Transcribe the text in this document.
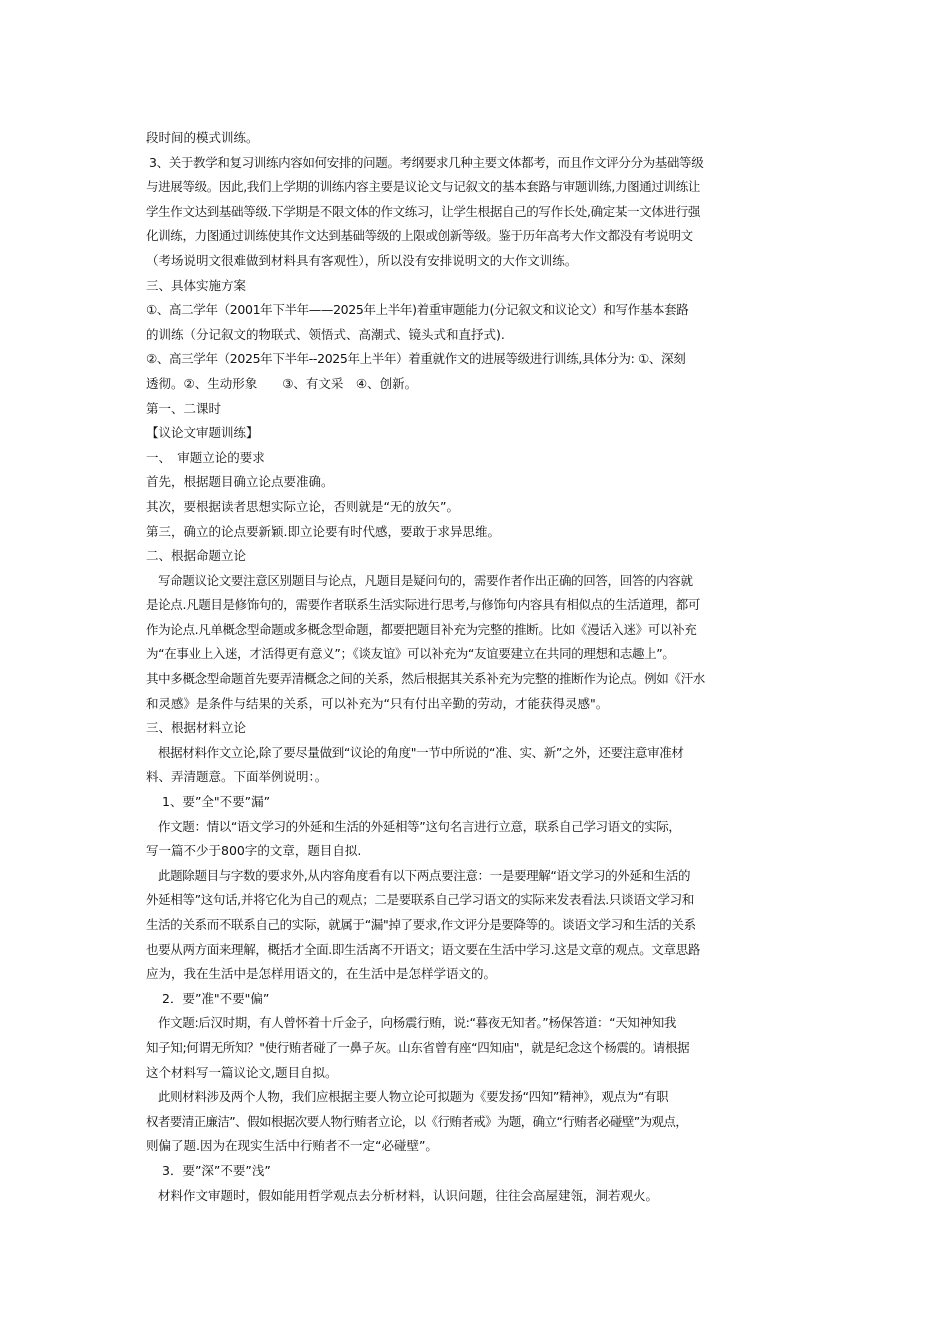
段时间的模式训练。
3、关于教学和复习训练内容如何安排的问题。考纲要求几种主要文体都考，而且作文评分分为基础等级
与进展等级。因此,我们上学期的训练内容主要是议论文与记叙文的基本套路与审题训练,力图通过训练让
学生作文达到基础等级.下学期是不限文体的作文练习，让学生根据自己的写作长处,确定某一文体进行强
化训练，力图通过训练使其作文达到基础等级的上限或创新等级。鉴于历年高考大作文都没有考说明文
（考场说明文很难做到材料具有客观性），所以没有安排说明文的大作文训练。
三、具体实施方案
①、高二学年（2001年下半年——2025年上半年)着重审题能力(分记叙文和议论文）和写作基本套路
的训练（分记叙文的物联式、领悟式、高潮式、镜头式和直抒式).
②、高三学年（2025年下半年--2025年上半年）着重就作文的进展等级进行训练,具体分为: ①、深刻
透彻。②、生动形象　　③、有文采　④、创新。
第一、二课时
【议论文审题训练】
一、　审题立论的要求
首先，根据题目确立论点要准确。
其次，要根据读者思想实际立论，否则就是“无的放矢”。
第三，确立的论点要新颖.即立论要有时代感，要敢于求异思维。
二、根据命题立论
写命题议论文要注意区别题目与论点，凡题目是疑问句的，需要作者作出正确的回答，回答的内容就
是论点.凡题目是修饰句的，需要作者联系生活实际进行思考,与修饰句内容具有相似点的生活道理，都可
作为论点.凡单概念型命题或多概念型命题，都要把题目补充为完整的推断。比如《漫话入迷》可以补充
为“在事业上入迷，才活得更有意义”；《谈友谊》可以补充为“友谊要建立在共同的理想和志趣上”。
其中多概念型命题首先要弄清概念之间的关系，然后根据其关系补充为完整的推断作为论点。例如《汗水
和灵感》是条件与结果的关系，可以补充为“只有付出辛勤的劳动，才能获得灵感"。
三、根据材料立论
根据材料作文立论,除了要尽量做到“议论的角度"一节中所说的“准、实、新”之外，还要注意审准材
料、弄清题意。下面举例说明：。
1、要”全"不要”漏”
作文题：情以“语文学习的外延和生活的外延相等”这句名言进行立意，联系自己学习语文的实际，
写一篇不少于800字的文章，题目自拟.
此题除题目与字数的要求外,从内容角度看有以下两点要注意：一是要理解“语文学习的外延和生活的
外延相等”这句话,并将它化为自己的观点；二是要联系自己学习语文的实际来发表看法.只谈语文学习和
生活的关系而不联系自己的实际，就属于“漏"掉了要求,作文评分是要降等的。谈语文学习和生活的关系
也要从两方面来理解，概括才全面.即生活离不开语文；语文要在生活中学习.这是文章的观点。文章思路
应为，我在生活中是怎样用语文的，在生活中是怎样学语文的。
2．要”准"不要"偏”
作文题:后汉时期，有人曾怀着十斤金子，向杨震行贿，说:“暮夜无知者。”杨保答道：“天知神知我
知子知;何谓无所知？"使行贿者碰了一鼻子灰。山东省曾有座“四知庙"，就是纪念这个杨震的。请根据
这个材料写一篇议论文,题目自拟。
此则材料涉及两个人物，我们应根据主要人物立论可拟题为《要发扬“四知”精神》，观点为“有职
权者要清正廉洁”、假如根据次要人物行贿者立论，以《行贿者戒》为题，确立“行贿者必碰壁”为观点，
则偏了题.因为在现实生活中行贿者不一定“必碰壁”。
3．要”深”不要”浅”
材料作文审题时，假如能用哲学观点去分析材料，认识问题，往往会高屋建瓴，洞若观火。
